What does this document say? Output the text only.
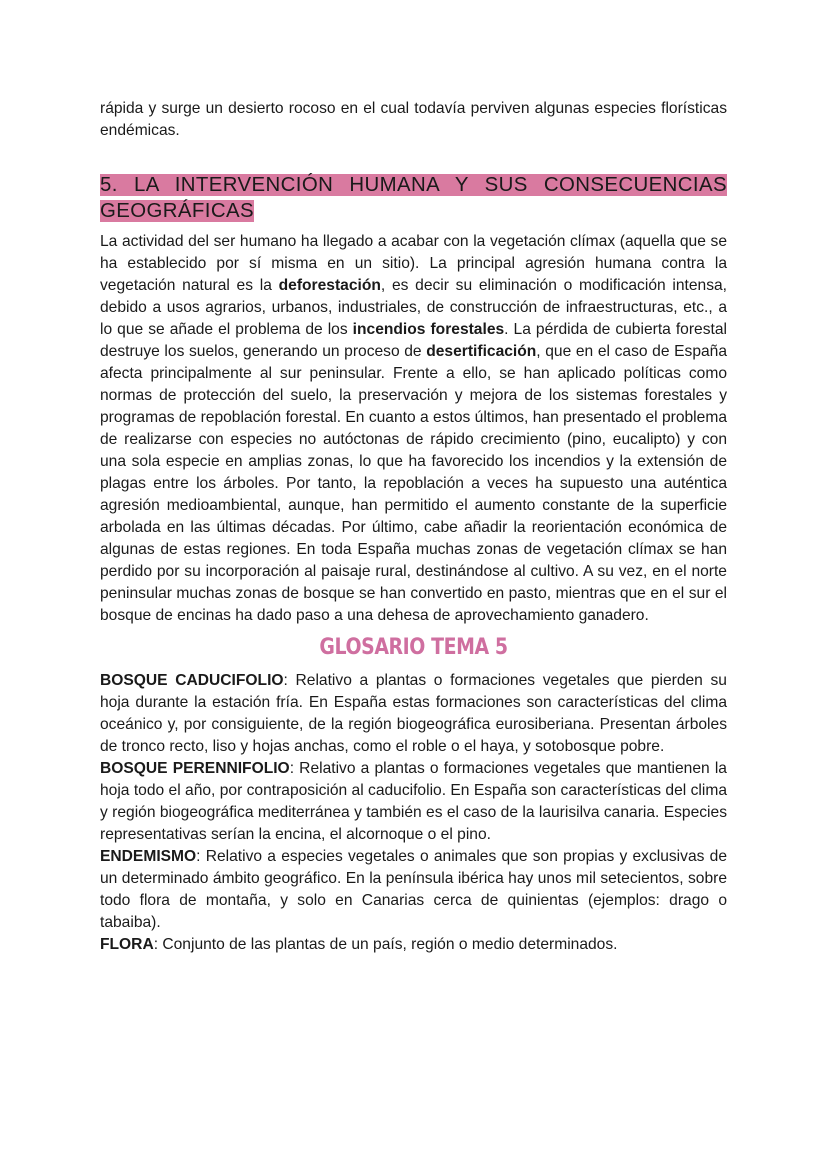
rápida y surge un desierto rocoso en el cual todavía perviven algunas especies florísticas endémicas.

5. LA INTERVENCIÓN HUMANA Y SUS CONSECUENCIAS GEOGRÁFICAS

La actividad del ser humano ha llegado a acabar con la vegetación clímax (aquella que se ha establecido por sí misma en un sitio). La principal agresión humana contra la vegetación natural es la deforestación, es decir su eliminación o modificación intensa, debido a usos agrarios, urbanos, industriales, de construcción de infraestructuras, etc., a lo que se añade el problema de los incendios forestales. La pérdida de cubierta forestal destruye los suelos, generando un proceso de desertificación, que en el caso de España afecta principalmente al sur peninsular. Frente a ello, se han aplicado políticas como normas de protección del suelo, la preservación y mejora de los sistemas forestales y programas de repoblación forestal. En cuanto a estos últimos, han presentado el problema de realizarse con especies no autóctonas de rápido crecimiento (pino, eucalipto) y con una sola especie en amplias zonas, lo que ha favorecido los incendios y la extensión de plagas entre los árboles. Por tanto, la repoblación a veces ha supuesto una auténtica agresión medioambiental, aunque, han permitido el aumento constante de la superficie arbolada en las últimas décadas. Por último, cabe añadir la reorientación económica de algunas de estas regiones. En toda España muchas zonas de vegetación clímax se han perdido por su incorporación al paisaje rural, destinándose al cultivo. A su vez, en el norte peninsular muchas zonas de bosque se han convertido en pasto, mientras que en el sur el bosque de encinas ha dado paso a una dehesa de aprovechamiento ganadero.

GLOSARIO TEMA 5

BOSQUE CADUCIFOLIO: Relativo a plantas o formaciones vegetales que pierden su hoja durante la estación fría. En España estas formaciones son características del clima oceánico y, por consiguiente, de la región biogeográfica eurosiberiana. Presentan árboles de tronco recto, liso y hojas anchas, como el roble o el haya, y sotobosque pobre.

BOSQUE PERENNIFOLIO: Relativo a plantas o formaciones vegetales que mantienen la hoja todo el año, por contraposición al caducifolio. En España son características del clima y región biogeográfica mediterránea y también es el caso de la laurisilva canaria. Especies representativas serían la encina, el alcornoque o el pino.

ENDEMISMO: Relativo a especies vegetales o animales que son propias y exclusivas de un determinado ámbito geográfico. En la península ibérica hay unos mil setecientos, sobre todo flora de montaña, y solo en Canarias cerca de quinientas (ejemplos: drago o tabaiba).

FLORA: Conjunto de las plantas de un país, región o medio determinados.
